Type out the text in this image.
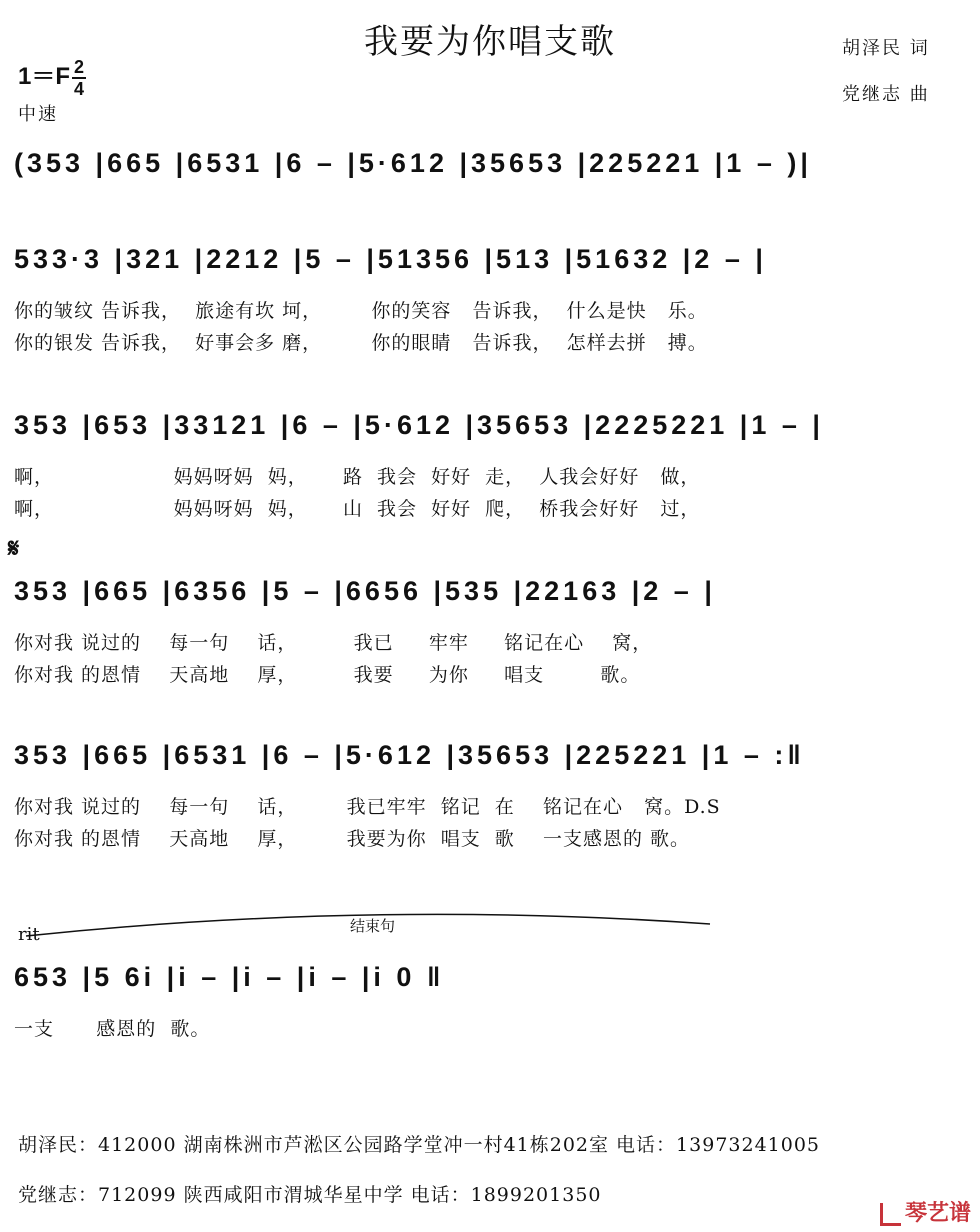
我要为你唱支歌	胡泽民 词
党继志 曲
$1=F \frac{2}{4}$
中速
(353 |665 |6531 |6 – |5·612 |35653 |225221 |1 – )|
533·3 |321 |2212 |5 – |51356 |513 |51632 |2 – |
你的皱纹 告诉我，  旅途有坎 坷，       你的笑容   告诉我，  什么是快   乐。
你的银发 告诉我，  好事会多 磨，       你的眼睛   告诉我，  怎样去拼   搏。
353 |653 |33121 |6 – |5·612 |35653 |2225221 |1 – |
啊，                 妈妈呀妈  妈，     路  我会  好好  走，  人我会好好   做，
啊，                 妈妈呀妈  妈，     山  我会  好好  爬，  桥我会好好   过，
𝄋
353 |665 |6356 |5 – |6656 |535 |22163 |2 – |
你对我 说过的    每一句    话，        我已     牢牢     铭记在心    窝，
你对我 的恩情    天高地    厚，        我要     为你     唱支        歌。
353 |665 |6531 |6 – |5·612 |35653 |225221 |1 – :‖
你对我 说过的    每一句    话，       我已牢牢  铭记  在    铭记在心   窝。D.S
你对我 的恩情    天高地    厚，       我要为你  唱支  歌    一支感恩的 歌。
rit	结束句
653 |5 6i |i – |i – |i – |i 0 ‖
一支      感恩的  歌。
胡泽民：412000 湖南株洲市芦淞区公园路学堂冲一村41栋202室 电话：13973241005
党继志：712099 陕西咸阳市渭城华星中学 电话：1899201350
琴艺谱
